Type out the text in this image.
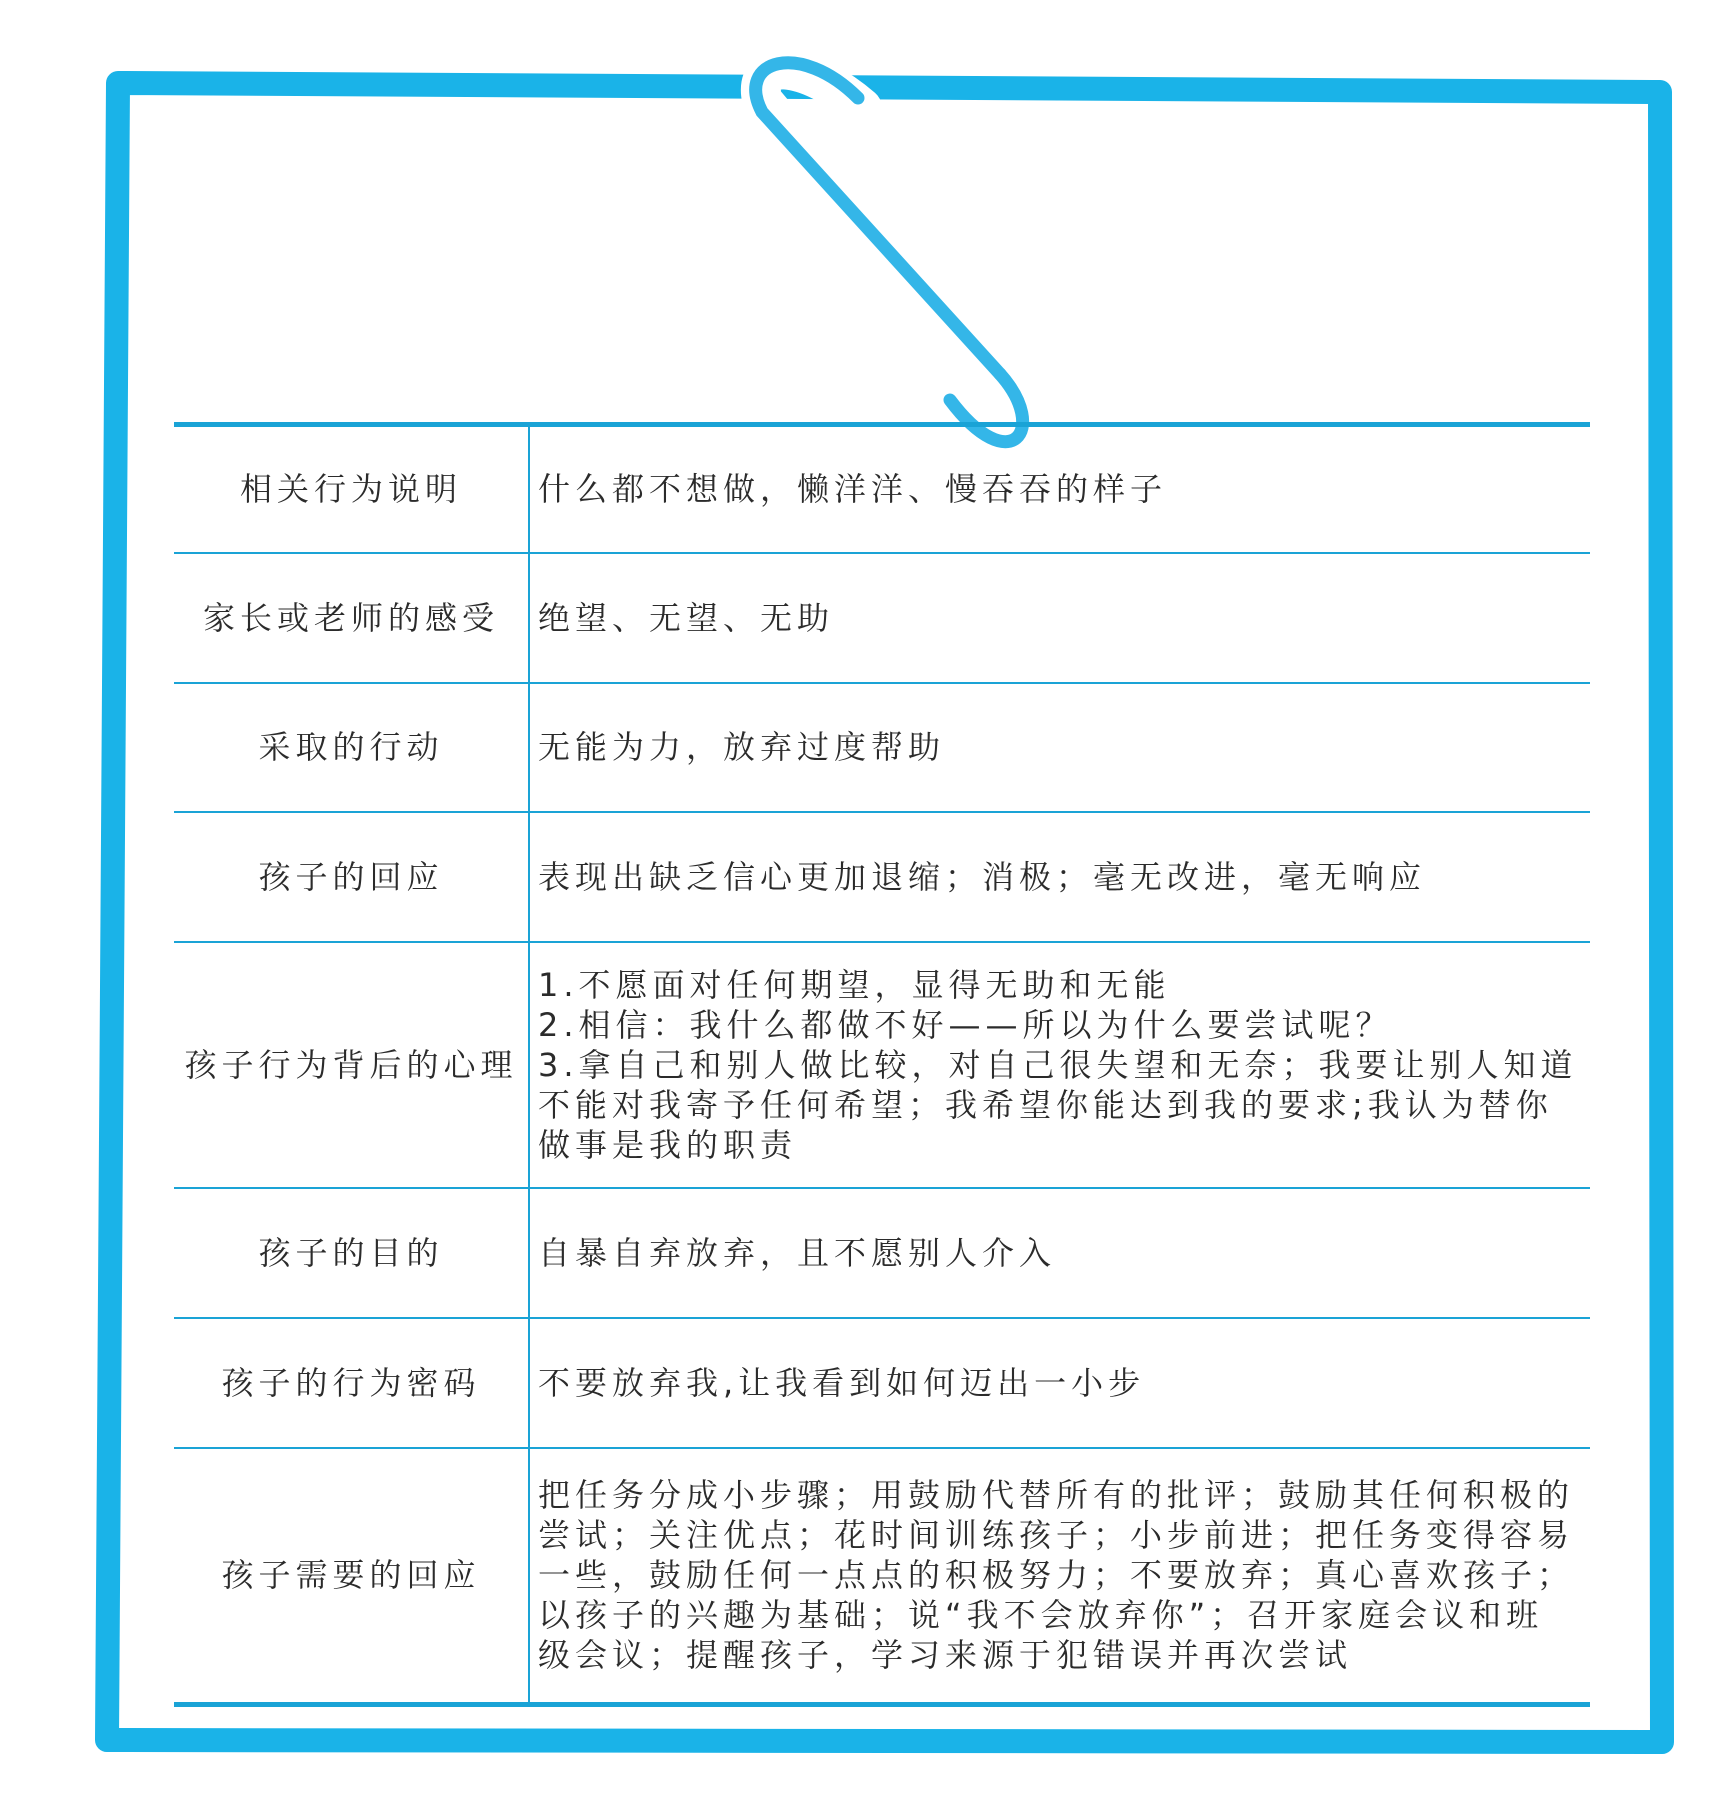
相关行为说明	什么都不想做，懒洋洋、慢吞吞的样子

家长或老师的感受	绝望、无望、无助

采取的行动	无能为力，放弃过度帮助

孩子的回应	表现出缺乏信心更加退缩；消极；毫无改进，毫无响应

孩子行为背后的心理	1.不愿面对任何期望，显得无助和无能
2.相信：我什么都做不好——所以为什么要尝试呢？
3.拿自己和别人做比较，对自己很失望和无奈；我要让别人知道不能对我寄予任何希望；我希望你能达到我的要求;我认为替你做事是我的职责

孩子的目的	自暴自弃放弃，且不愿别人介入

孩子的行为密码	不要放弃我,让我看到如何迈出一小步

孩子需要的回应	把任务分成小步骤；用鼓励代替所有的批评；鼓励其任何积极的尝试；关注优点；花时间训练孩子；小步前进；把任务变得容易一些，鼓励任何一点点的积极努力；不要放弃；真心喜欢孩子；以孩子的兴趣为基础；说“我不会放弃你”；召开家庭会议和班级会议；提醒孩子，学习来源于犯错误并再次尝试
